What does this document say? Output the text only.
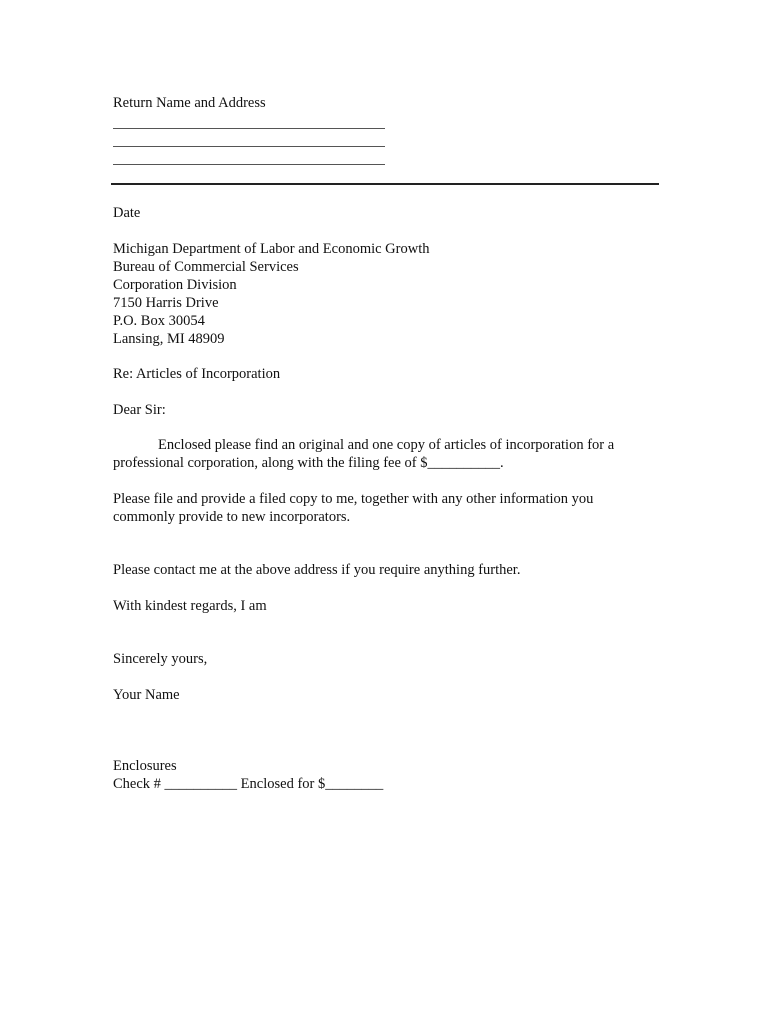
Return Name and Address
Date
Michigan Department of Labor and Economic Growth
Bureau of Commercial Services
Corporation Division
7150 Harris Drive
P.O. Box 30054
Lansing, MI 48909
Re: Articles of Incorporation
Dear Sir:
Enclosed please find an original and one copy of articles of incorporation for a
professional corporation, along with the filing fee of $__________.
Please file and provide a filed copy to me, together with any other information you
commonly provide to new incorporators.
Please contact me at the above address if you require anything further.
With kindest regards, I am
Sincerely yours,
Your Name
Enclosures
Check # __________ Enclosed for $________
